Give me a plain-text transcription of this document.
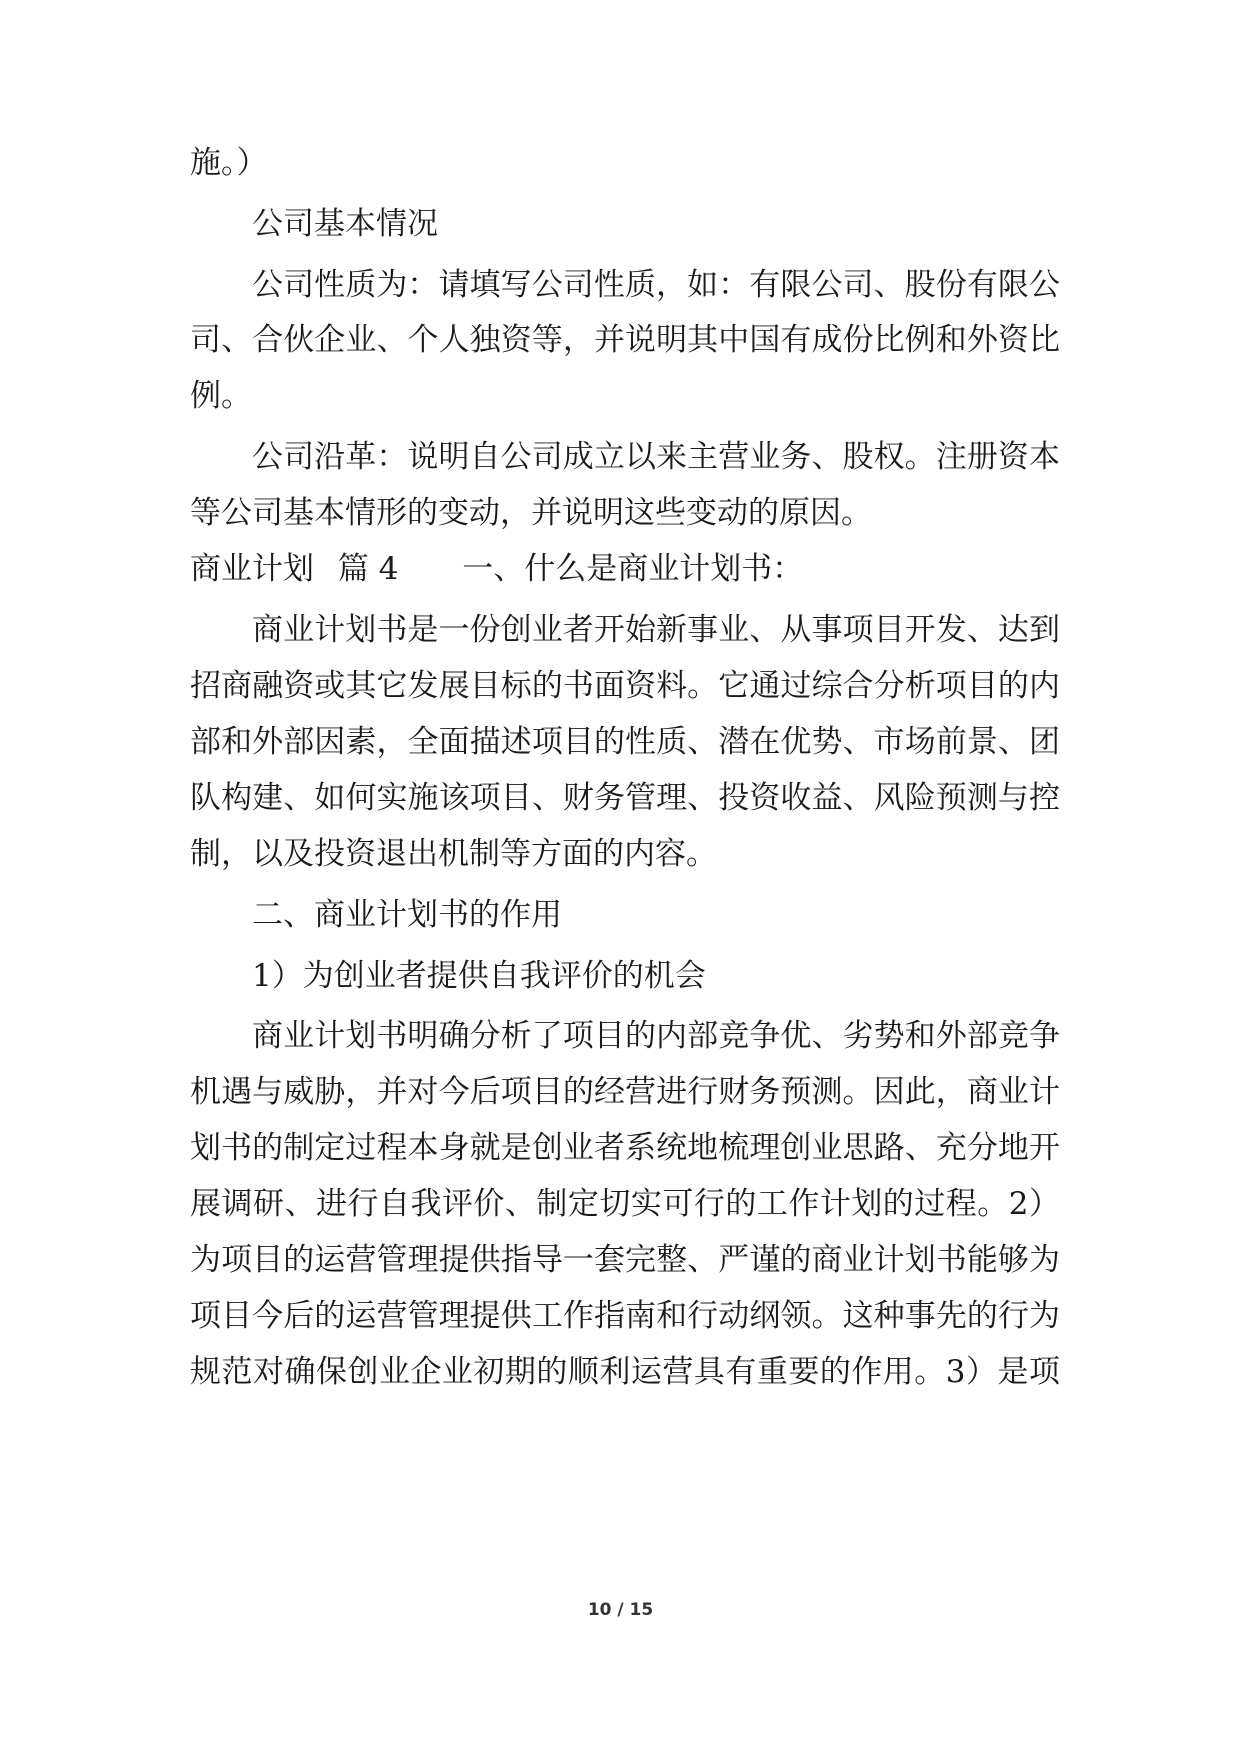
施。）
公司基本情况
公司性质为：请填写公司性质，如：有限公司、股份有限公
司、合伙企业、个人独资等，并说明其中国有成份比例和外资比
例。
公司沿革：说明自公司成立以来主营业务、股权。注册资本
等公司基本情形的变动，并说明这些变动的原因。
商业计划 篇 4 一、什么是商业计划书：
商业计划书是一份创业者开始新事业、从事项目开发、达到
招商融资或其它发展目标的书面资料。它通过综合分析项目的内
部和外部因素，全面描述项目的性质、潜在优势、市场前景、团
队构建、如何实施该项目、财务管理、投资收益、风险预测与控
制，以及投资退出机制等方面的内容。
二、商业计划书的作用
1）为创业者提供自我评价的机会
商业计划书明确分析了项目的内部竞争优、劣势和外部竞争
机遇与威胁，并对今后项目的经营进行财务预测。因此，商业计
划书的制定过程本身就是创业者系统地梳理创业思路、充分地开
展调研、进行自我评价、制定切实可行的工作计划的过程。2）
为项目的运营管理提供指导一套完整、严谨的商业计划书能够为
项目今后的运营管理提供工作指南和行动纲领。这种事先的行为
规范对确保创业企业初期的顺利运营具有重要的作用。3）是项
10 / 15
